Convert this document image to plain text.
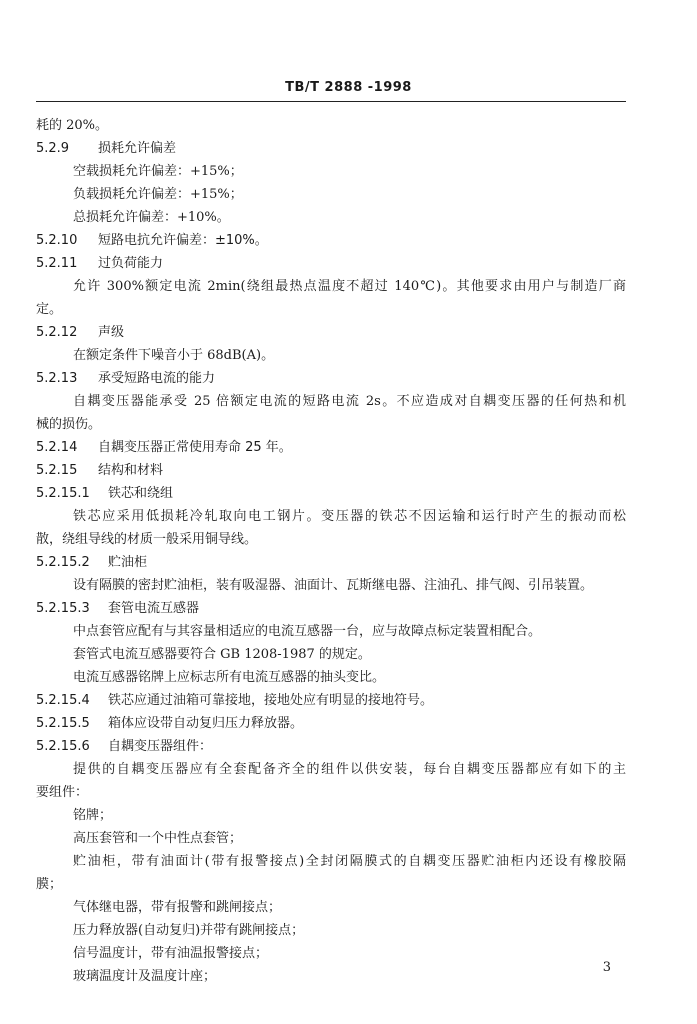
TB/T 2888 -1998
耗的 20%。
5.2.9 损耗允许偏差
空载损耗允许偏差：+15%；
负载损耗允许偏差：+15%；
总损耗允许偏差：+10%。
5.2.10 短路电抗允许偏差：±10%。
5.2.11 过负荷能力
允许 300%额定电流 2min(绕组最热点温度不超过 140℃)。其他要求由用户与制造厂商
定。
5.2.12 声级
在额定条件下噪音小于 68dB(A)。
5.2.13 承受短路电流的能力
自耦变压器能承受 25 倍额定电流的短路电流 2s。不应造成对自耦变压器的任何热和机
械的损伤。
5.2.14 自耦变压器正常使用寿命 25 年。
5.2.15 结构和材料
5.2.15.1 铁芯和绕组
铁芯应采用低损耗冷轧取向电工钢片。变压器的铁芯不因运输和运行时产生的振动而松
散，绕组导线的材质一般采用铜导线。
5.2.15.2 贮油柜
设有隔膜的密封贮油柜，装有吸湿器、油面计、瓦斯继电器、注油孔、排气阀、引吊装置。
5.2.15.3 套管电流互感器
中点套管应配有与其容量相适应的电流互感器一台，应与故障点标定装置相配合。
套管式电流互感器要符合 GB 1208-1987 的规定。
电流互感器铭牌上应标志所有电流互感器的抽头变比。
5.2.15.4 铁芯应通过油箱可靠接地，接地处应有明显的接地符号。
5.2.15.5 箱体应设带自动复归压力释放器。
5.2.15.6 自耦变压器组件：
提供的自耦变压器应有全套配备齐全的组件以供安装，每台自耦变压器都应有如下的主
要组件：
铭牌；
高压套管和一个中性点套管；
贮油柜，带有油面计(带有报警接点)全封闭隔膜式的自耦变压器贮油柜内还设有橡胶隔
膜；
气体继电器，带有报警和跳闸接点；
压力释放器(自动复归)并带有跳闸接点；
信号温度计，带有油温报警接点；
玻璃温度计及温度计座；
3
